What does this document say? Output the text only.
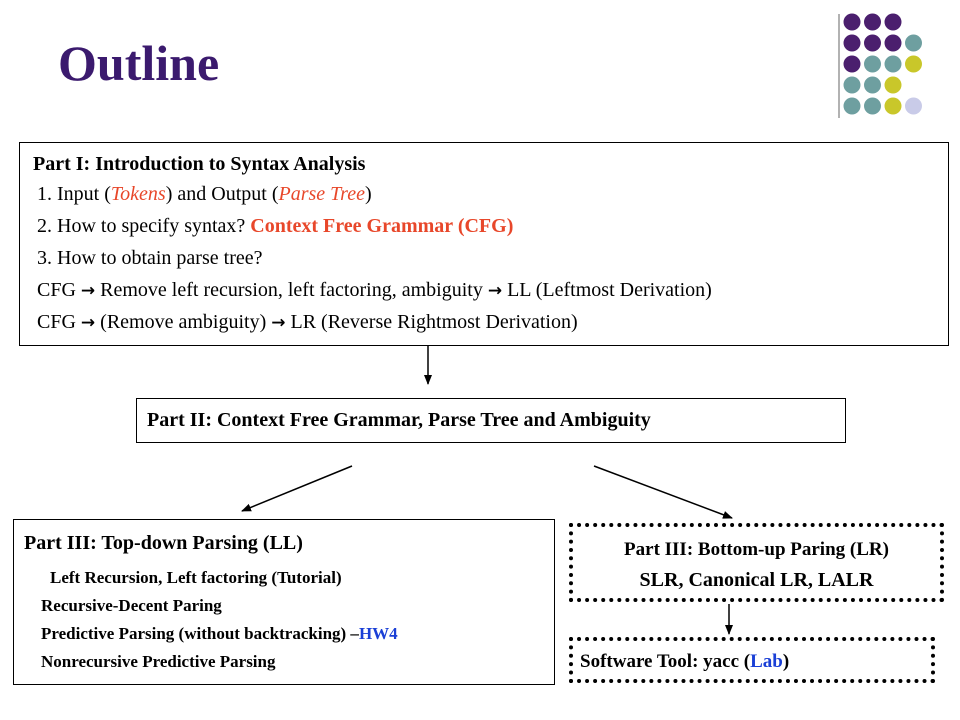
Outline
Part I: Introduction to Syntax Analysis
1. Input (Tokens) and Output (Parse Tree)
2. How to specify syntax? Context Free Grammar (CFG)
3. How to obtain parse tree?
CFG → Remove left recursion, left factoring, ambiguity → LL (Leftmost Derivation)
CFG → (Remove ambiguity) → LR (Reverse Rightmost Derivation)
Part II: Context Free Grammar, Parse Tree and Ambiguity
Part III: Top-down Parsing (LL)
Left Recursion, Left factoring (Tutorial)
Recursive-Decent Paring
Predictive Parsing (without backtracking) –HW4
Nonrecursive Predictive Parsing
Part III: Bottom-up Paring (LR)
SLR, Canonical LR, LALR
Software Tool: yacc (Lab)
